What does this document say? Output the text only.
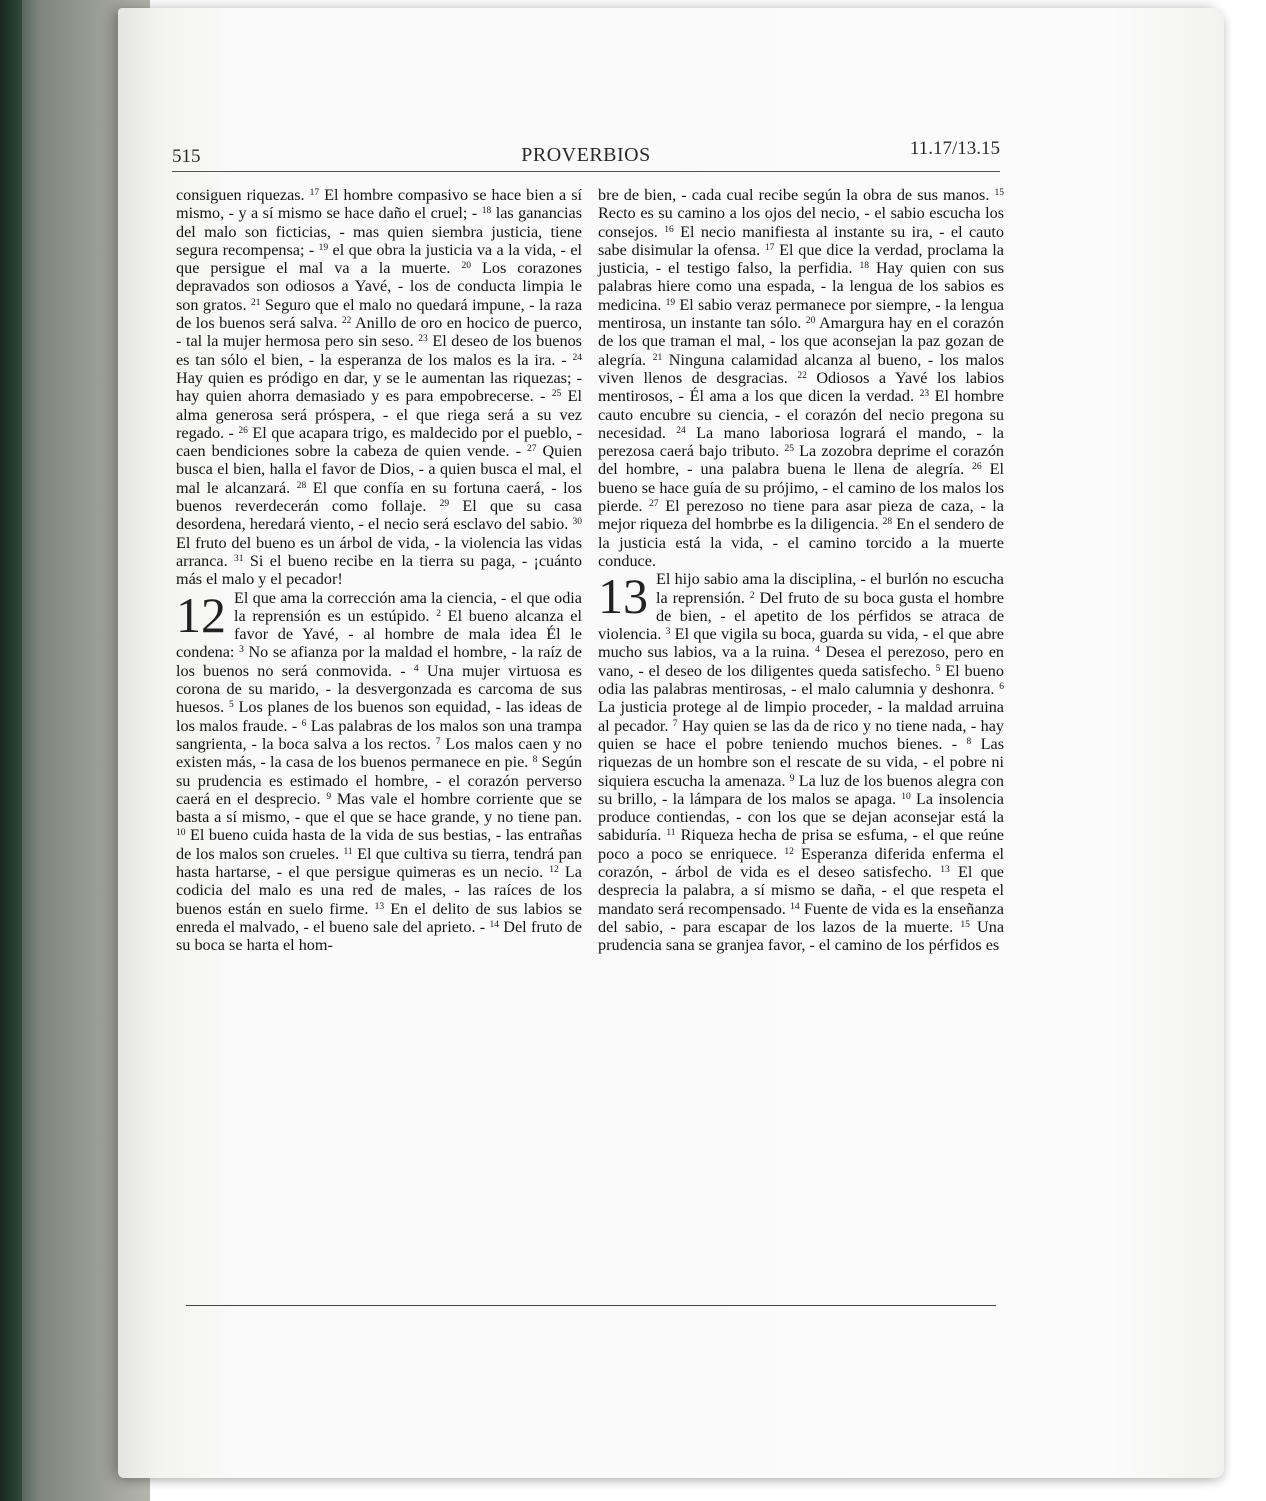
515	PROVERBIOS	11.17/13.15

consiguen riquezas. $^{17}$ El hombre compasivo se hace bien a sí mismo, - y a sí mismo se hace daño el cruel; - $^{18}$ las ganancias del malo son ficticias, - mas quien siembra justicia, tiene segura recompensa; - $^{19}$ el que obra la justicia va a la vida, - el que persigue el mal va a la muerte. $^{20}$ Los corazones depravados son odiosos a Yavé, - los de conducta limpia le son gratos. $^{21}$ Seguro que el malo no quedará impune, - la raza de los buenos será salva. $^{22}$ Anillo de oro en hocico de puerco, - tal la mujer hermosa pero sin seso. $^{23}$ El deseo de los buenos es tan sólo el bien, - la esperanza de los malos es la ira. - $^{24}$ Hay quien es pródigo en dar, y se le aumentan las riquezas; - hay quien ahorra demasiado y es para empobrecerse. - $^{25}$ El alma generosa será próspera, - el que riega será a su vez regado. - $^{26}$ El que acapara trigo, es maldecido por el pueblo, - caen bendiciones sobre la cabeza de quien vende. - $^{27}$ Quien busca el bien, halla el favor de Dios, - a quien busca el mal, el mal le alcanzará. $^{28}$ El que confía en su fortuna caerá, - los buenos reverdecerán como follaje. $^{29}$ El que su casa desordena, heredará viento, - el necio será esclavo del sabio. $^{30}$ El fruto del bueno es un árbol de vida, - la violencia las vidas arranca. $^{31}$ Si el bueno recibe en la tierra su paga, - ¡cuánto más el malo y el pecador!

12 El que ama la corrección ama la ciencia, - el que odia la reprensión es un estúpido. $^2$ El bueno alcanza el favor de Yavé, - al hombre de mala idea Él le condena: $^3$ No se afianza por la maldad el hombre, - la raíz de los buenos no será conmovida. - $^4$ Una mujer virtuosa es corona de su marido, - la desvergonzada es carcoma de sus huesos. $^5$ Los planes de los buenos son equidad, - las ideas de los malos fraude. - $^6$ Las palabras de los malos son una trampa sangrienta, - la boca salva a los rectos. $^7$ Los malos caen y no existen más, - la casa de los buenos permanece en pie. $^8$ Según su prudencia es estimado el hombre, - el corazón perverso caerá en el desprecio. $^9$ Mas vale el hombre corriente que se basta a sí mismo, - que el que se hace grande, y no tiene pan. $^{10}$ El bueno cuida hasta de la vida de sus bestias, - las entrañas de los malos son crueles. $^{11}$ El que cultiva su tierra, tendrá pan hasta hartarse, - el que persigue quimeras es un necio. $^{12}$ La codicia del malo es una red de males, - las raíces de los buenos están en suelo firme. $^{13}$ En el delito de sus labios se enreda el malvado, - el bueno sale del aprieto. - $^{14}$ Del fruto de su boca se harta el hom-

bre de bien, - cada cual recibe según la obra de sus manos. $^{15}$ Recto es su camino a los ojos del necio, - el sabio escucha los consejos. $^{16}$ El necio manifiesta al instante su ira, - el cauto sabe disimular la ofensa. $^{17}$ El que dice la verdad, proclama la justicia, - el testigo falso, la perfidia. $^{18}$ Hay quien con sus palabras hiere como una espada, - la lengua de los sabios es medicina. $^{19}$ El sabio veraz permanece por siempre, - la lengua mentirosa, un instante tan sólo. $^{20}$ Amargura hay en el corazón de los que traman el mal, - los que aconsejan la paz gozan de alegría. $^{21}$ Ninguna calamidad alcanza al bueno, - los malos viven llenos de desgracias. $^{22}$ Odiosos a Yavé los labios mentirosos, - Él ama a los que dicen la verdad. $^{23}$ El hombre cauto encubre su ciencia, - el corazón del necio pregona su necesidad. $^{24}$ La mano laboriosa logrará el mando, - la perezosa caerá bajo tributo. $^{25}$ La zozobra deprime el corazón del hombre, - una palabra buena le llena de alegría. $^{26}$ El bueno se hace guía de su prójimo, - el camino de los malos los pierde. $^{27}$ El perezoso no tiene para asar pieza de caza, - la mejor riqueza del hombrbe es la diligencia. $^{28}$ En el sendero de la justicia está la vida, - el camino torcido a la muerte conduce.

13 El hijo sabio ama la disciplina, - el burlón no escucha la reprensión. $^2$ Del fruto de su boca gusta el hombre de bien, - el apetito de los pérfidos se atraca de violencia. $^3$ El que vigila su boca, guarda su vida, - el que abre mucho sus labios, va a la ruina. $^4$ Desea el perezoso, pero en vano, - el deseo de los diligentes queda satisfecho. $^5$ El bueno odia las palabras mentirosas, - el malo calumnia y deshonra. $^6$ La justicia protege al de limpio proceder, - la maldad arruina al pecador. $^7$ Hay quien se las da de rico y no tiene nada, - hay quien se hace el pobre teniendo muchos bienes. - $^8$ Las riquezas de un hombre son el rescate de su vida, - el pobre ni siquiera escucha la amenaza. $^9$ La luz de los buenos alegra con su brillo, - la lámpara de los malos se apaga. $^{10}$ La insolencia produce contiendas, - con los que se dejan aconsejar está la sabiduría. $^{11}$ Riqueza hecha de prisa se esfuma, - el que reúne poco a poco se enriquece. $^{12}$ Esperanza diferida enferma el corazón, - árbol de vida es el deseo satisfecho. $^{13}$ El que desprecia la palabra, a sí mismo se daña, - el que respeta el mandato será recompensado. $^{14}$ Fuente de vida es la enseñanza del sabio, - para escapar de los lazos de la muerte. $^{15}$ Una prudencia sana se granjea favor, - el camino de los pérfidos es
